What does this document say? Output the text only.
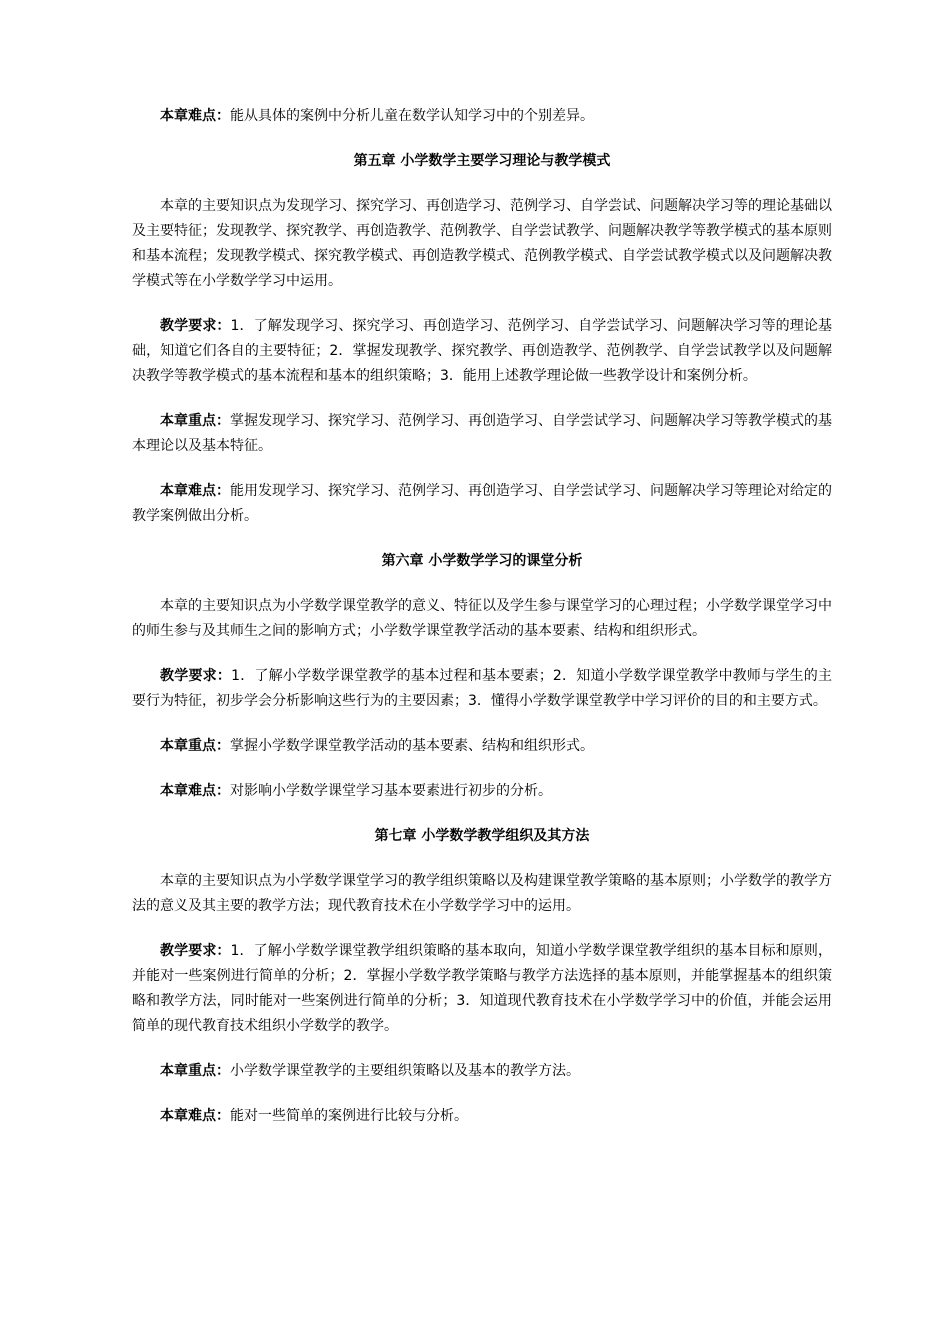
本章难点：能从具体的案例中分析儿童在数学认知学习中的个别差异。

第五章 小学数学主要学习理论与教学模式

本章的主要知识点为发现学习、探究学习、再创造学习、范例学习、自学尝试、问题解决学习等的理论基础以及主要特征；发现教学、探究教学、再创造教学、范例教学、自学尝试教学、问题解决教学等教学模式的基本原则和基本流程；发现教学模式、探究教学模式、再创造教学模式、范例教学模式、自学尝试教学模式以及问题解决教学模式等在小学数学学习中运用。

教学要求：1．了解发现学习、探究学习、再创造学习、范例学习、自学尝试学习、问题解决学习等的理论基础，知道它们各自的主要特征；2．掌握发现教学、探究教学、再创造教学、范例教学、自学尝试教学以及问题解决教学等教学模式的基本流程和基本的组织策略；3．能用上述教学理论做一些教学设计和案例分析。

本章重点：掌握发现学习、探究学习、范例学习、再创造学习、自学尝试学习、问题解决学习等教学模式的基本理论以及基本特征。

本章难点：能用发现学习、探究学习、范例学习、再创造学习、自学尝试学习、问题解决学习等理论对给定的教学案例做出分析。

第六章 小学数学学习的课堂分析

本章的主要知识点为小学数学课堂教学的意义、特征以及学生参与课堂学习的心理过程；小学数学课堂学习中的师生参与及其师生之间的影响方式；小学数学课堂教学活动的基本要素、结构和组织形式。

教学要求：1．了解小学数学课堂教学的基本过程和基本要素；2．知道小学数学课堂教学中教师与学生的主要行为特征，初步学会分析影响这些行为的主要因素；3．懂得小学数学课堂教学中学习评价的目的和主要方式。

本章重点：掌握小学数学课堂教学活动的基本要素、结构和组织形式。

本章难点：对影响小学数学课堂学习基本要素进行初步的分析。

第七章 小学数学教学组织及其方法

本章的主要知识点为小学数学课堂学习的教学组织策略以及构建课堂教学策略的基本原则；小学数学的教学方法的意义及其主要的教学方法；现代教育技术在小学数学学习中的运用。

教学要求：1．了解小学数学课堂教学组织策略的基本取向，知道小学数学课堂教学组织的基本目标和原则，并能对一些案例进行简单的分析；2．掌握小学数学教学策略与教学方法选择的基本原则，并能掌握基本的组织策略和教学方法，同时能对一些案例进行简单的分析；3．知道现代教育技术在小学数学学习中的价值，并能会运用简单的现代教育技术组织小学数学的教学。

本章重点：小学数学课堂教学的主要组织策略以及基本的教学方法。

本章难点：能对一些简单的案例进行比较与分析。
